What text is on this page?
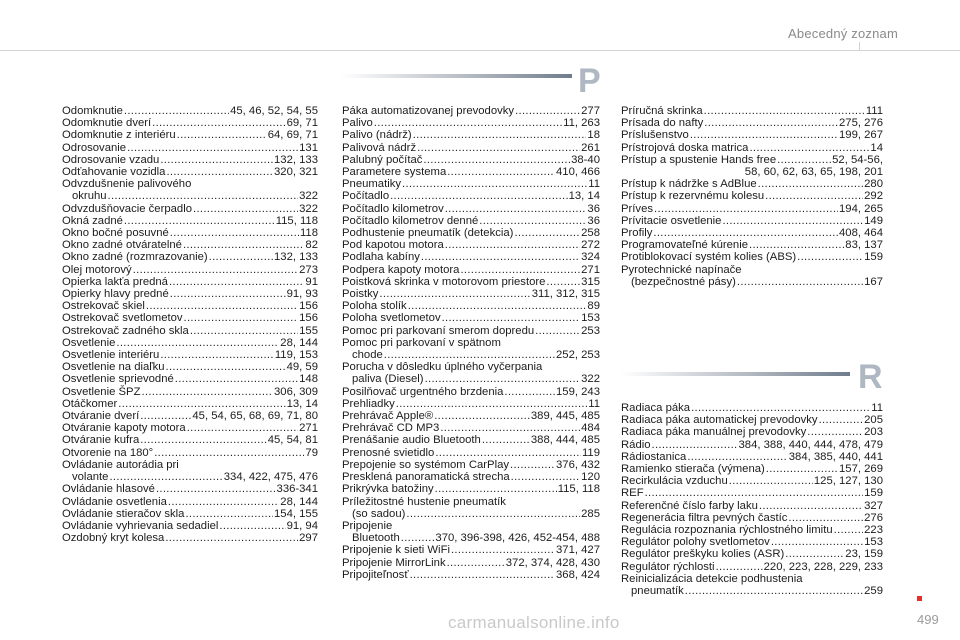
Abecedný zoznam
P
R
Odomknutie .....	45, 46, 52, 54, 55
Odomknutie dverí .....	69, 71
Odomknutie z interiéru .....	64, 69, 71
Odrosovanie .....	131
Odrosovanie vzadu .....	132, 133
Odťahovanie vozidla .....	320, 321
Odvzdušnenie palivového
okruhu .....	322
Odvzdušňovacie čerpadlo .....	322
Okná zadné .....	115, 118
Okno bočné posuvné .....	118
Okno zadné otváratelné .....	82
Okno zadné (rozmrazovanie) .....	132, 133
Olej motorový .....	273
Opierka lakťa predná .....	91
Opierky hlavy predné .....	91, 93
Ostrekovač skiel .....	156
Ostrekovač svetlometov .....	156
Ostrekovač zadného skla .....	155
Osvetlenie .....	28, 144
Osvetlenie interiéru .....	119, 153
Osvetlenie na diaľku .....	49, 59
Osvetlenie sprievodné .....	148
Osvetlenie ŠPZ .....	306, 309
Otáčkomer .....	13, 14
Otváranie dverí .....	45, 54, 65, 68, 69, 71, 80
Otváranie kapoty motora .....	271
Otváranie kufra .....	45, 54, 81
Otvorenie na 180° .....	79
Ovládanie autorádia pri
volante .....	334, 422, 475, 476
Ovládanie hlasové .....	336-341
Ovládanie osvetlenia .....	28, 144
Ovládanie stieračov skla .....	154, 155
Ovládanie vyhrievania sedadiel .....	91, 94
Ozdobný kryt kolesa .....	297
Páka automatizovanej prevodovky .....	277
Palivo .....	11, 263
Palivo (nádrž) .....	18
Palivová nádrž .....	261
Palubný počítač .....	38-40
Parametere systema .....	410, 466
Pneumatiky .....	11
Počítadlo .....	13, 14
Počítadlo kilometrov .....	36
Počítadlo kilometrov denné .....	36
Podhustenie pneumatík (detekcia) .....	258
Pod kapotou motora .....	272
Podlaha kabíny .....	324
Podpera kapoty motora .....	271
Poistková skrinka v motorovom priestore .....	315
Poistky .....	311, 312, 315
Poloha stolík .....	89
Poloha svetlometov .....	153
Pomoc pri parkovaní smerom dopredu .....	253
Pomoc pri parkovaní v spätnom
chode .....	252, 253
Porucha v dôsledku úplného vyčerpania
paliva (Diesel) .....	322
Posilňovač urgentného brzdenia .....	159, 243
Prehliadky .....	11
Prehrávač Apple® .....	389, 445, 485
Prehrávač CD MP3 .....	484
Prenášanie audio Bluetooth .....	388, 444, 485
Prenosné svietidlo .....	119
Prepojenie so systémom CarPlay .....	376, 432
Presklená panoramatická strecha .....	120
Prikrývka batožiny .....	115, 118
Príležitostné hustenie pneumatík
(so sadou) .....	285
Pripojenie
Bluetooth .....	370, 396-398, 426, 452-454, 488
Pripojenie k sieti WiFi .....	371, 427
Pripojenie MirrorLink .....	372, 374, 428, 430
Pripojiteľnosť .....	368, 424
Príručná skrinka .....	111
Prísada do nafty .....	275, 276
Príslušenstvo .....	199, 267
Prístrojová doska matrica .....	14
Prístup a spustenie Hands free .....	52, 54-56,
58, 60, 62, 63, 65, 198, 201
Prístup k nádržke s AdBlue .....	280
Prístup k rezervnému kolesu .....	292
Príves .....	194, 265
Prívitacie osvetlenie .....	149
Profily .....	408, 464
Programovateľné kúrenie .....	83, 137
Protiblokovací systém kolies (ABS) .....	159
Pyrotechnické napínače
(bezpečnostné pásy) .....	167
Radiaca páka .....	11
Radiaca páka automatickej prevodovky .....	205
Radiaca páka manuálnej prevodovky .....	203
Rádio .....	384, 388, 440, 444, 478, 479
Rádiostanica .....	384, 385, 440, 441
Ramienko stierača (výmena) .....	157, 269
Recirkulácia vzduchu .....	125, 127, 130
REF .....	159
Referenčné číslo farby laku .....	327
Regenerácia filtra pevných častíc .....	276
Regulácia rozpoznania rýchlostného limitu .....	223
Regulátor polohy svetlometov .....	153
Regulátor preškyku kolies (ASR) .....	23, 159
Regulátor rýchlosti .....	220, 223, 228, 229, 233
Reinicializácia detekcie podhustenia
pneumatík .....	259
499
carmanualsonline.info
